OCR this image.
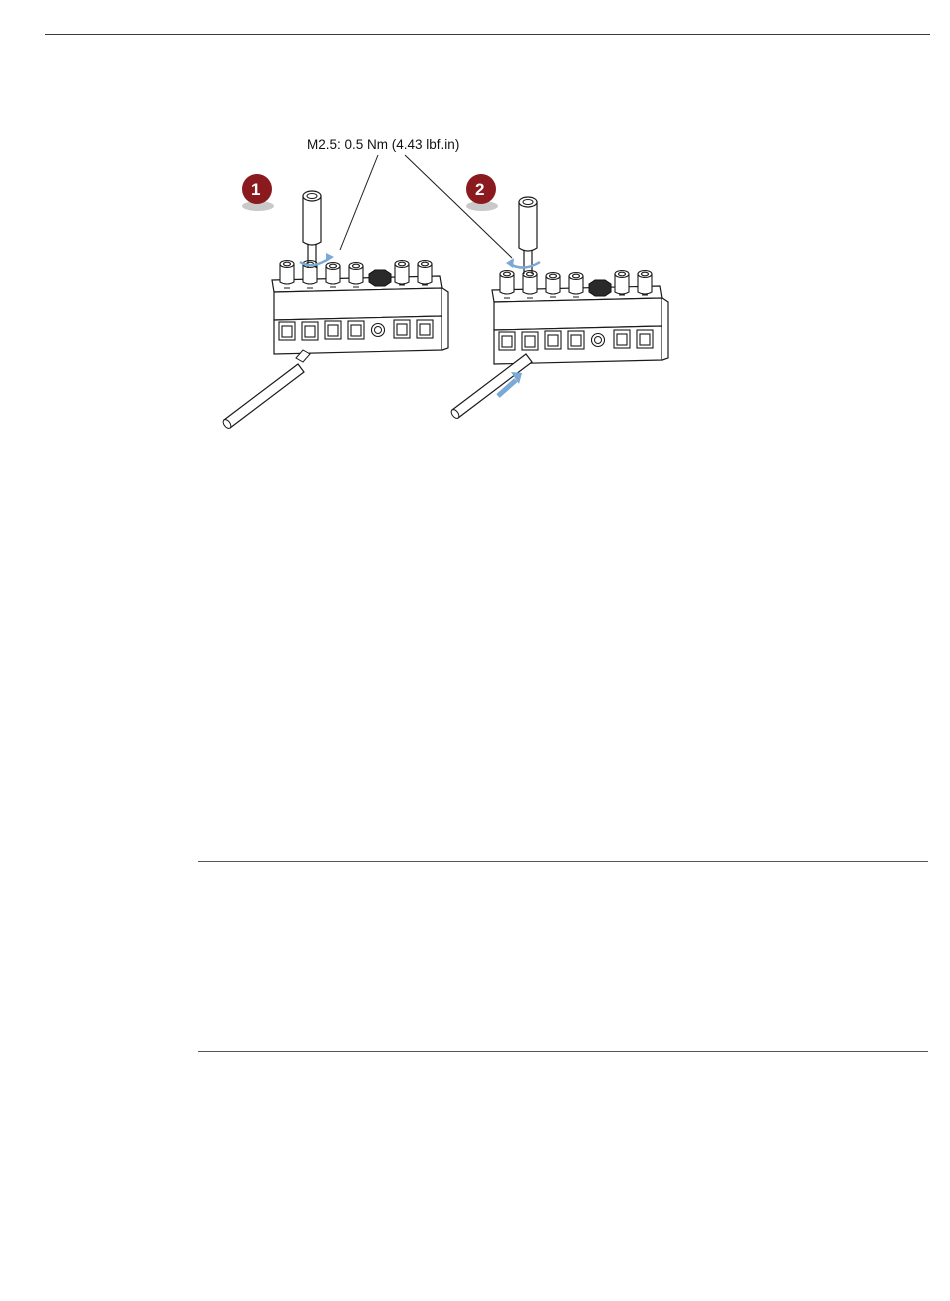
M2.5: 0.5 Nm (4.43 lbf.in)
1	2
